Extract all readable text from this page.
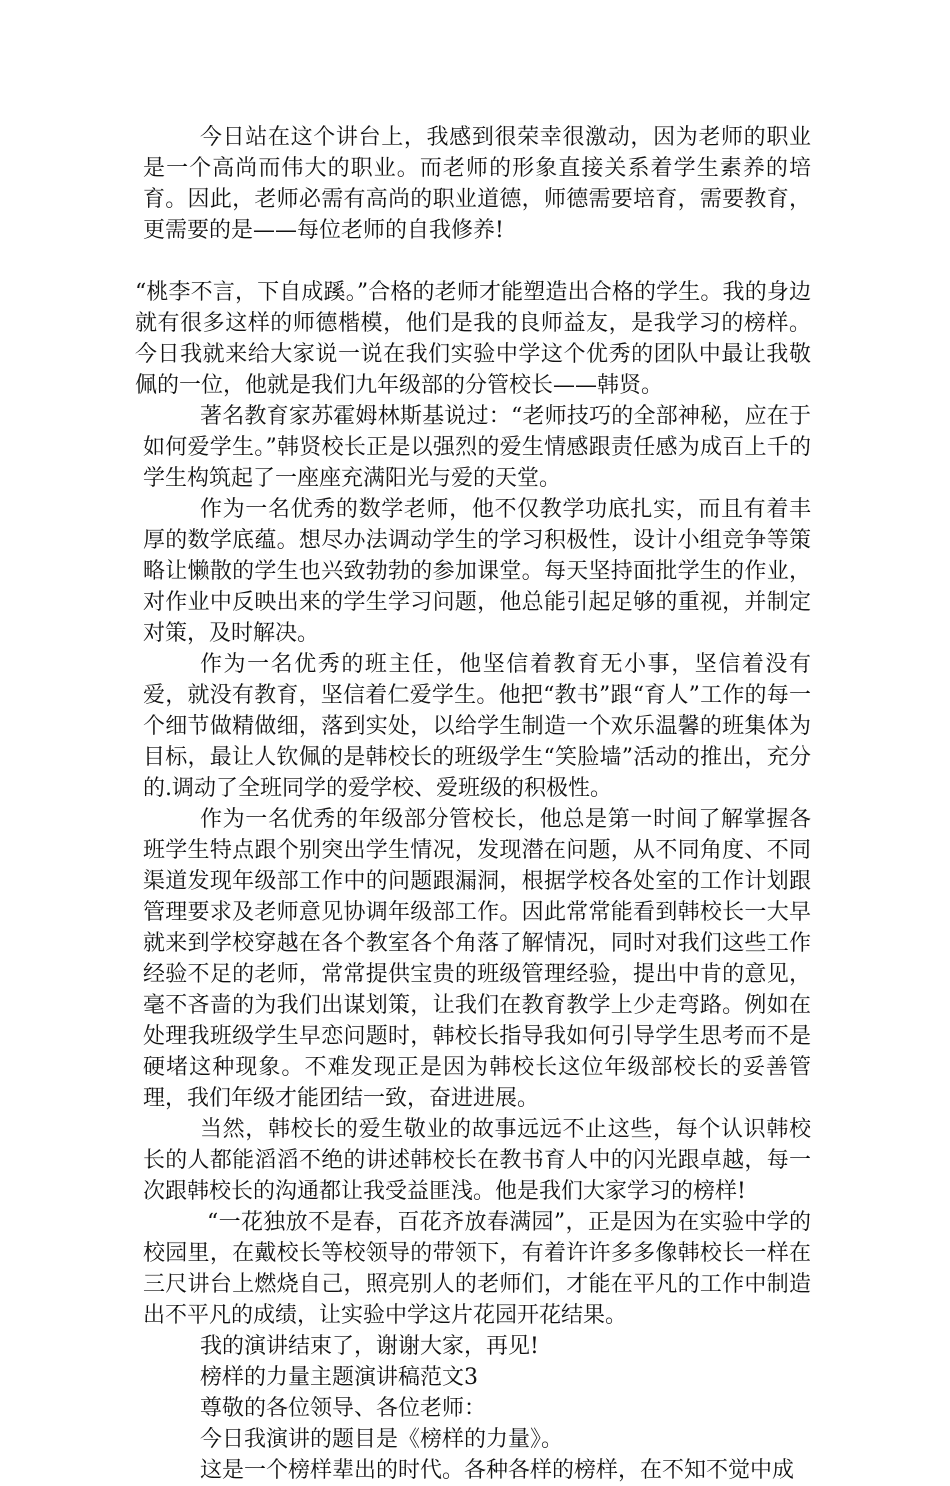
今日站在这个讲台上，我感到很荣幸很激动，因为老师的职业是一个高尚而伟大的职业。而老师的形象直接关系着学生素养的培育。因此，老师必需有高尚的职业道德，师德需要培育，需要教育，更需要的是——每位老师的自我修养!

“桃李不言，下自成蹊。”合格的老师才能塑造出合格的学生。我的身边就有很多这样的师德楷模，他们是我的良师益友，是我学习的榜样。今日我就来给大家说一说在我们实验中学这个优秀的团队中最让我敬佩的一位，他就是我们九年级部的分管校长——韩贤。

著名教育家苏霍姆林斯基说过：“老师技巧的全部神秘，应在于如何爱学生。”韩贤校长正是以强烈的爱生情感跟责任感为成百上千的学生构筑起了一座座充满阳光与爱的天堂。

作为一名优秀的数学老师，他不仅教学功底扎实，而且有着丰厚的数学底蕴。想尽办法调动学生的学习积极性，设计小组竞争等策略让懒散的学生也兴致勃勃的参加课堂。每天坚持面批学生的作业，对作业中反映出来的学生学习问题，他总能引起足够的重视，并制定对策，及时解决。

作为一名优秀的班主任，他坚信着教育无小事，坚信着没有爱，就没有教育，坚信着仁爱学生。他把“教书”跟“育人”工作的每一个细节做精做细，落到实处，以给学生制造一个欢乐温馨的班集体为目标，最让人钦佩的是韩校长的班级学生“笑脸墙”活动的推出，充分的.调动了全班同学的爱学校、爱班级的积极性。

作为一名优秀的年级部分管校长，他总是第一时间了解掌握各班学生特点跟个别突出学生情况，发现潜在问题，从不同角度、不同渠道发现年级部工作中的问题跟漏洞，根据学校各处室的工作计划跟管理要求及老师意见协调年级部工作。因此常常能看到韩校长一大早就来到学校穿越在各个教室各个角落了解情况，同时对我们这些工作经验不足的老师，常常提供宝贵的班级管理经验，提出中肯的意见，毫不吝啬的为我们出谋划策，让我们在教育教学上少走弯路。例如在处理我班级学生早恋问题时，韩校长指导我如何引导学生思考而不是硬堵这种现象。不难发现正是因为韩校长这位年级部校长的妥善管理，我们年级才能团结一致，奋进进展。

当然，韩校长的爱生敬业的故事远远不止这些，每个认识韩校长的人都能滔滔不绝的讲述韩校长在教书育人中的闪光跟卓越，每一次跟韩校长的沟通都让我受益匪浅。他是我们大家学习的榜样!

“一花独放不是春，百花齐放春满园”，正是因为在实验中学的校园里，在戴校长等校领导的带领下，有着许许多多像韩校长一样在三尺讲台上燃烧自己，照亮别人的老师们，才能在平凡的工作中制造出不平凡的成绩，让实验中学这片花园开花结果。

我的演讲结束了，谢谢大家，再见!

榜样的力量主题演讲稿范文3

尊敬的各位领导、各位老师：

今日我演讲的题目是《榜样的力量》。

这是一个榜样辈出的时代。各种各样的榜样，在不知不觉中成
